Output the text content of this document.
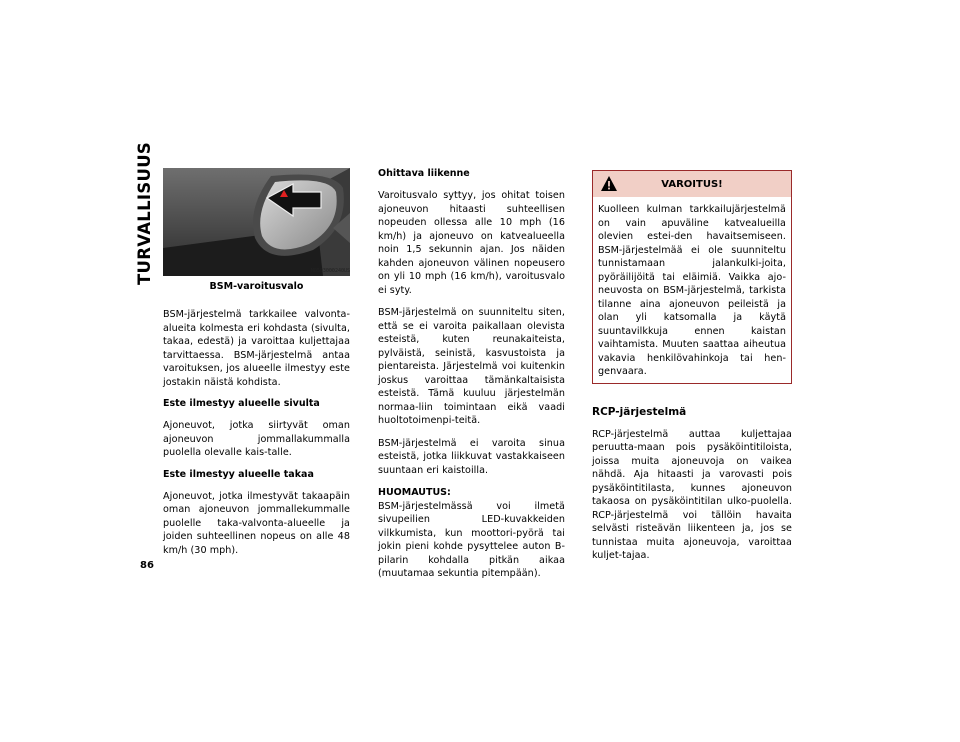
TURVALLISUUS
86
M0503000240US
BSM-varoitusvalo

BSM-järjestelmä tarkkailee valvonta-alueita kolmesta eri kohdasta (sivulta, takaa, edestä) ja varoittaa kuljettajaa tarvittaessa. BSM-järjestelmä antaa varoituksen, jos alueelle ilmestyy este jostakin näistä kohdista.

Este ilmestyy alueelle sivulta

Ajoneuvot, jotka siirtyvät oman ajoneuvon jommallakummalla puolella olevalle kais-talle.

Este ilmestyy alueelle takaa

Ajoneuvot, jotka ilmestyvät takaapäin oman ajoneuvon jommallekummalle puolelle taka-valvonta-alueelle ja joiden suhteellinen nopeus on alle 48 km/h (30 mph).

Ohittava liikenne

Varoitusvalo syttyy, jos ohitat toisen ajoneuvon hitaasti suhteellisen nopeuden ollessa alle 10 mph (16 km/h) ja ajoneuvo on katvealueella noin 1,5 sekunnin ajan. Jos näiden kahden ajoneuvon välinen nopeusero on yli 10 mph (16 km/h), varoitusvalo ei syty.

BSM-järjestelmä on suunniteltu siten, että se ei varoita paikallaan olevista esteistä, kuten reunakaiteista, pylväistä, seinistä, kasvustoista ja pientareista. Järjestelmä voi kuitenkin joskus varoittaa tämänkaltaisista esteistä. Tämä kuuluu järjestelmän normaa-liin toimintaan eikä vaadi huoltotoimenpi-teitä.

BSM-järjestelmä ei varoita sinua esteistä, jotka liikkuvat vastakkaiseen suuntaan eri kaistoilla.

HUOMAUTUS:

BSM-järjestelmässä voi ilmetä sivupeilien LED-kuvakkeiden vilkkumista, kun moottori-pyörä tai jokin pieni kohde pysyttelee auton B-pilarin kohdalla pitkän aikaa (muutamaa sekuntia pitempään).

VAROITUS!

Kuolleen kulman tarkkailujärjestelmä on vain apuväline katvealueilla olevien estei-den havaitsemiseen. BSM-järjestelmää ei ole suunniteltu tunnistamaan jalankulki-joita, pyöräilijöitä tai eläimiä. Vaikka ajo-neuvosta on BSM-järjestelmä, tarkista tilanne aina ajoneuvon peileistä ja olan yli katsomalla ja käytä suuntavilkkuja ennen kaistan vaihtamista. Muuten saattaa aiheutua vakavia henkilövahinkoja tai hen-genvaara.

RCP-järjestelmä

RCP-järjestelmä auttaa kuljettajaa peruutta-maan pois pysäköintitiloista, joissa muita ajoneuvoja on vaikea nähdä. Aja hitaasti ja varovasti pois pysäköintitilasta, kunnes ajoneuvon takaosa on pysäköintitilan ulko-puolella. RCP-järjestelmä voi tällöin havaita selvästi risteävän liikenteen ja, jos se tunnistaa muita ajoneuvoja, varoittaa kuljet-tajaa.
